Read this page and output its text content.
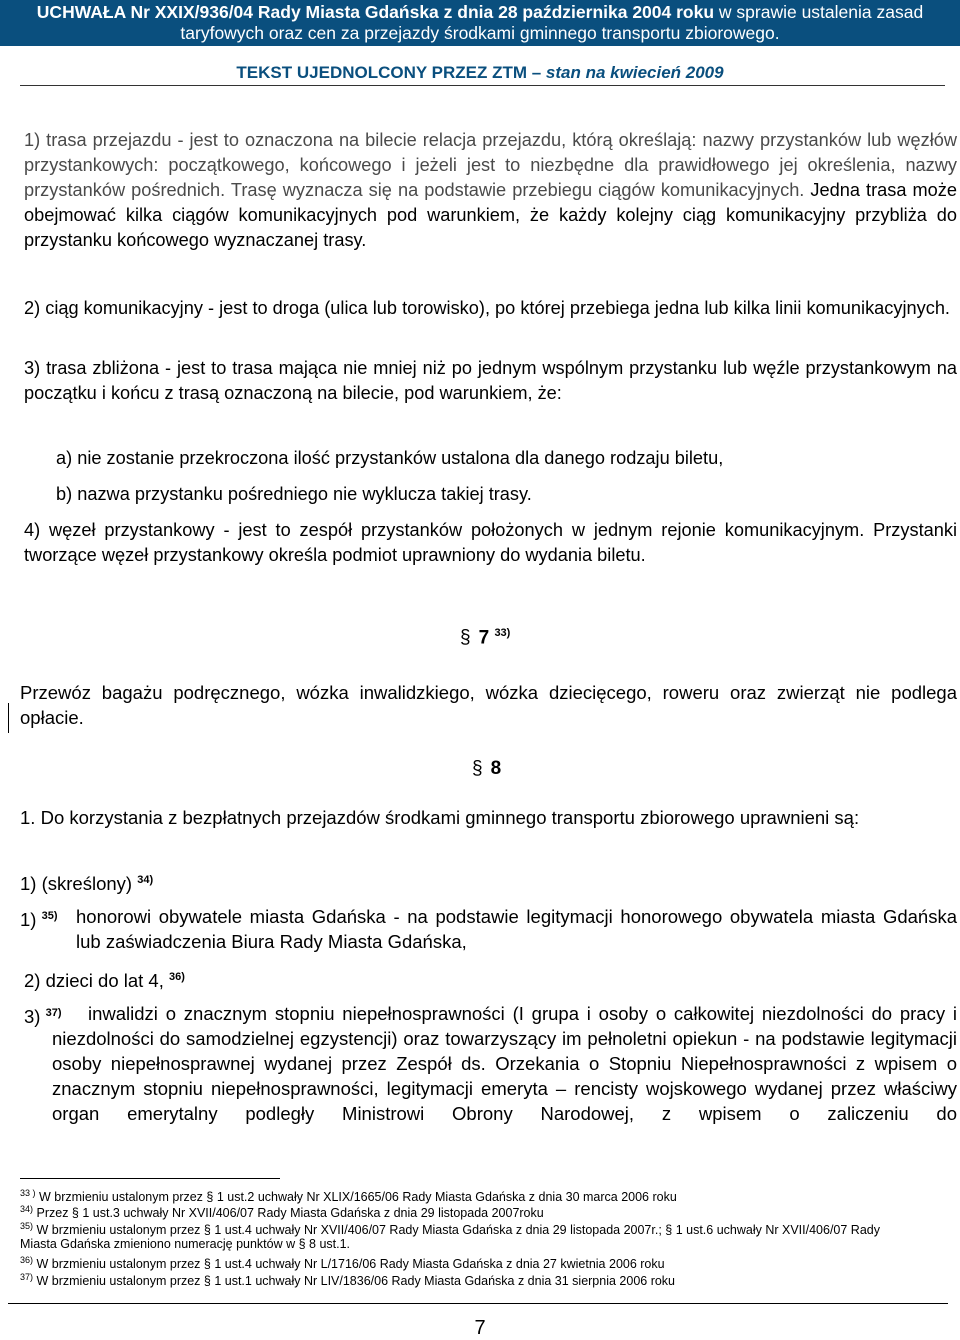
UCHWAŁA Nr XXIX/936/04 Rady Miasta Gdańska z dnia 28 października 2004 roku w sprawie ustalenia zasad
taryfowych oraz cen za przejazdy środkami gminnego transportu zbiorowego.
TEKST UJEDNOLCONY PRZEZ ZTM – stan na kwiecień 2009
1) trasa przejazdu - jest to oznaczona na bilecie relacja przejazdu, którą określają: nazwy przystanków lub węzłów przystankowych: początkowego, końcowego i jeżeli jest to niezbędne dla prawidłowego jej określenia, nazwy przystanków pośrednich. Trasę wyznacza się na podstawie przebiegu ciągów komunikacyjnych. Jedna trasa może obejmować kilka ciągów komunikacyjnych pod warunkiem, że każdy kolejny ciąg komunikacyjny przybliża do przystanku końcowego wyznaczanej trasy.
2) ciąg komunikacyjny - jest to droga (ulica lub torowisko), po której przebiega jedna lub kilka linii komunikacyjnych.
3) trasa zbliżona - jest to trasa mająca nie mniej niż po jednym wspólnym przystanku lub węźle przystankowym na początku i końcu z trasą oznaczoną na bilecie, pod warunkiem, że:
a) nie zostanie przekroczona ilość przystanków ustalona dla danego rodzaju biletu,
b) nazwa przystanku pośredniego nie wyklucza takiej trasy.
4) węzeł przystankowy - jest to zespół przystanków położonych w jednym rejonie komunikacyjnym. Przystanki tworzące węzeł przystankowy określa podmiot uprawniony do wydania biletu.
§ 7 $^{33)}$
Przewóz bagażu podręcznego, wózka inwalidzkiego, wózka dziecięcego, roweru oraz zwierząt nie podlega opłacie.
§ 8
1. Do korzystania z bezpłatnych przejazdów środkami gminnego transportu zbiorowego uprawnieni są:
1) (skreślony) $^{34)}$
1) $^{35)}$ honorowi obywatele miasta Gdańska - na podstawie legitymacji honorowego obywatela miasta Gdańska lub zaświadczenia Biura Rady Miasta Gdańska,
2) dzieci do lat 4, $^{36)}$
3) $^{37)}$	inwalidzi o znacznym stopniu niepełnosprawności (I grupa i osoby o całkowitej niezdolności do pracy i niezdolności do samodzielnej egzystencji) oraz towarzyszący im pełnoletni opiekun - na podstawie legitymacji osoby niepełnosprawnej wydanej przez Zespół ds. Orzekania o Stopniu Niepełnosprawności z wpisem o znacznym stopniu niepełnosprawności, legitymacji emeryta – rencisty wojskowego wydanej przez właściwy organ emerytalny podległy Ministrowi Obrony Narodowej, z wpisem o zaliczeniu do
$^{33 )}$ W brzmieniu ustalonym przez § 1 ust.2 uchwały Nr XLIX/1665/06 Rady Miasta Gdańska z dnia 30 marca 2006 roku
$^{34)}$ Przez § 1 ust.3 uchwały Nr XVII/406/07 Rady Miasta Gdańska z dnia 29 listopada 2007roku
$^{35)}$ W brzmieniu ustalonym przez § 1 ust.4 uchwały Nr XVII/406/07 Rady Miasta Gdańska z dnia 29 listopada 2007r.; § 1 ust.6 uchwały Nr XVII/406/07 Rady Miasta Gdańska zmieniono numerację punktów w § 8 ust.1.
$^{36)}$ W brzmieniu ustalonym przez § 1 ust.4 uchwały Nr L/1716/06 Rady Miasta Gdańska z dnia 27 kwietnia 2006 roku
$^{37)}$ W brzmieniu ustalonym przez § 1 ust.1 uchwały Nr LIV/1836/06 Rady Miasta Gdańska z dnia 31 sierpnia 2006 roku
7
